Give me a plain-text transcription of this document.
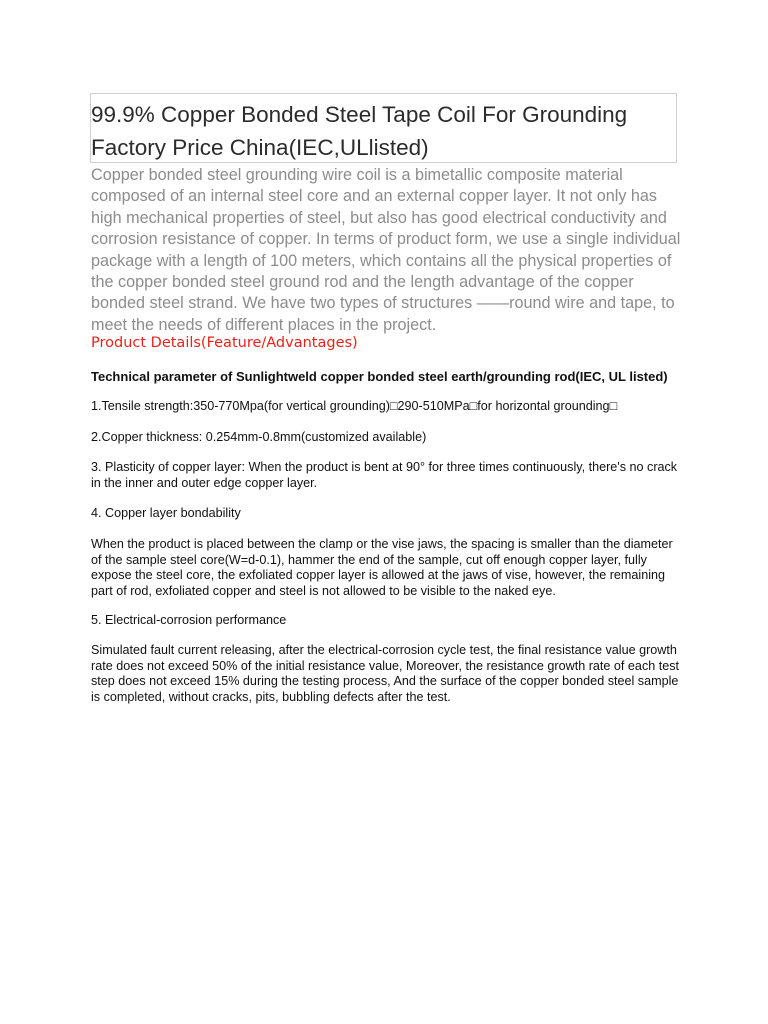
99.9% Copper Bonded Steel Tape Coil For Grounding
Factory Price China(IEC,ULlisted)

Copper bonded steel grounding wire coil is a bimetallic composite material composed of an internal steel core and an external copper layer. It not only has high mechanical properties of steel, but also has good electrical conductivity and corrosion resistance of copper. In terms of product form, we use a single individual package with a length of 100 meters, which contains all the physical properties of the copper bonded steel ground rod and the length advantage of the copper bonded steel strand. We have two types of structures ——round wire and tape, to meet the needs of different places in the project.

Product Details(Feature/Advantages)

Technical parameter of Sunlightweld copper bonded steel earth/grounding rod(IEC, UL listed)

1.Tensile strength:350-770Mpa(for vertical grounding)□290-510MPa□for horizontal grounding□

2.Copper thickness: 0.254mm-0.8mm(customized available)

3. Plasticity of copper layer: When the product is bent at 90° for three times continuously, there's no crack in the inner and outer edge copper layer.

4. Copper layer bondability

When the product is placed between the clamp or the vise jaws, the spacing is smaller than the diameter of the sample steel core(W=d-0.1), hammer the end of the sample, cut off enough copper layer, fully expose the steel core, the exfoliated copper layer is allowed at the jaws of vise, however, the remaining part of rod, exfoliated copper and steel is not allowed to be visible to the naked eye.

5. Electrical-corrosion performance

Simulated fault current releasing, after the electrical-corrosion cycle test, the final resistance value growth rate does not exceed 50% of the initial resistance value, Moreover, the resistance growth rate of each test step does not exceed 15% during the testing process, And the surface of the copper bonded steel sample is completed, without cracks, pits, bubbling defects after the test.
